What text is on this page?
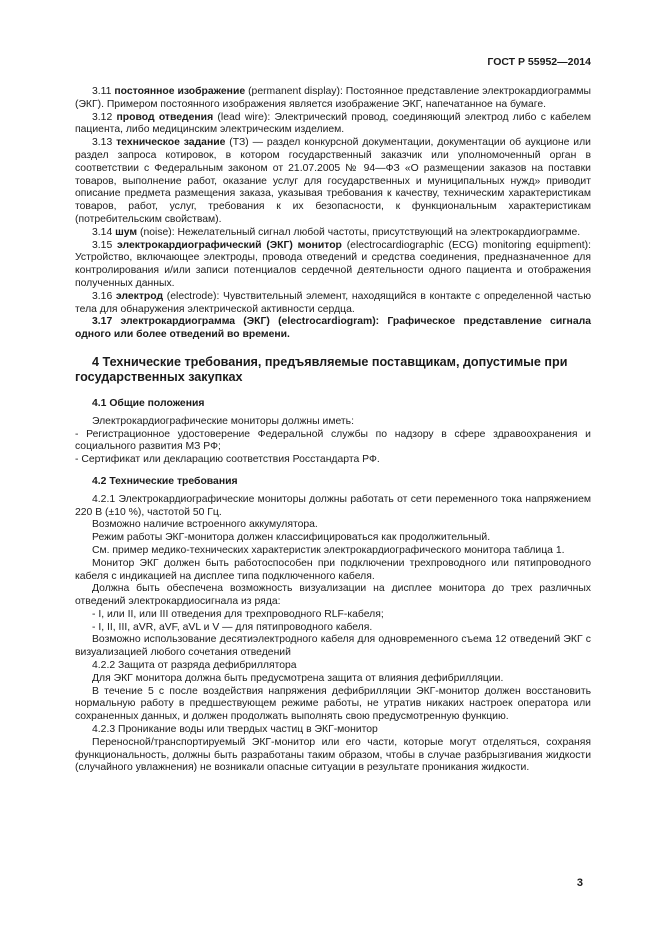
ГОСТ Р 55952—2014

3.11 постоянное изображение (permanent display): Постоянное представление электрокардиограммы (ЭКГ). Примером постоянного изображения является изображение ЭКГ, напечатанное на бумаге.

3.12 провод отведения (lead wire): Электрический провод, соединяющий электрод либо с кабелем пациента, либо медицинским электрическим изделием.

3.13 техническое задание (ТЗ) — раздел конкурсной документации, документации об аукционе или раздел запроса котировок, в котором государственный заказчик или уполномоченный орган в соответствии с Федеральным законом от 21.07.2005 № 94—ФЗ «О размещении заказов на поставки товаров, выполнение работ, оказание услуг для государственных и муниципальных нужд» приводит описание предмета размещения заказа, указывая требования к качеству, техническим характеристикам товаров, работ, услуг, требования к их безопасности, к функциональным характеристикам (потребительским свойствам).

3.14 шум (noise): Нежелательный сигнал любой частоты, присутствующий на электрокардиограмме.

3.15 электрокардиографический (ЭКГ) монитор (electrocardiographic (ECG) monitoring equipment): Устройство, включающее электроды, провода отведений и средства соединения, предназначенное для контролирования и/или записи потенциалов сердечной деятельности одного пациента и отображения полученных данных.

3.16 электрод (electrode): Чувствительный элемент, находящийся в контакте с определенной частью тела для обнаружения электрической активности сердца.

3.17 электрокардиограмма (ЭКГ) (electrocardiogram): Графическое представление сигнала одного или более отведений во времени.

4 Технические требования, предъявляемые поставщикам, допустимые при государственных закупках

4.1 Общие положения

Электрокардиографические мониторы должны иметь:

- Регистрационное удостоверение Федеральной службы по надзору в сфере здравоохранения и социального развития МЗ РФ;

- Сертификат или декларацию соответствия Росстандарта РФ.

4.2 Технические требования

4.2.1 Электрокардиографические мониторы должны работать от сети переменного тока напряжением 220 В (±10 %), частотой 50 Гц.

Возможно наличие встроенного аккумулятора.

Режим работы ЭКГ-монитора должен классифицироваться как продолжительный.

См. пример медико-технических характеристик электрокардиографического монитора таблица 1.

Монитор ЭКГ должен быть работоспособен при подключении трехпроводного или пятипроводного кабеля с индикацией на дисплее типа подключенного кабеля.

Должна быть обеспечена возможность визуализации на дисплее монитора до трех различных отведений электрокардиосигнала из ряда:

- I, или II, или III отведения для трехпроводного RLF-кабеля;

- I, II, III, aVR, aVF, aVL и V — для пятипроводного кабеля.

Возможно использование десятиэлектродного кабеля для одновременного съема 12 отведений ЭКГ с визуализацией любого сочетания отведений

4.2.2 Защита от разряда дефибриллятора

Для ЭКГ монитора должна быть предусмотрена защита от влияния дефибрилляции.

В течение 5 с после воздействия напряжения дефибрилляции ЭКГ-монитор должен восстановить нормальную работу в предшествующем режиме работы, не утратив никаких настроек оператора или сохраненных данных, и должен продолжать выполнять свою предусмотренную функцию.

4.2.3 Проникание воды или твердых частиц в ЭКГ-монитор

Переносной/транспортируемый ЭКГ-монитор или его части, которые могут отделяться, сохраняя функциональность, должны быть разработаны таким образом, чтобы в случае разбрызгивания жидкости (случайного увлажнения) не возникали опасные ситуации в результате проникания жидкости.

3
